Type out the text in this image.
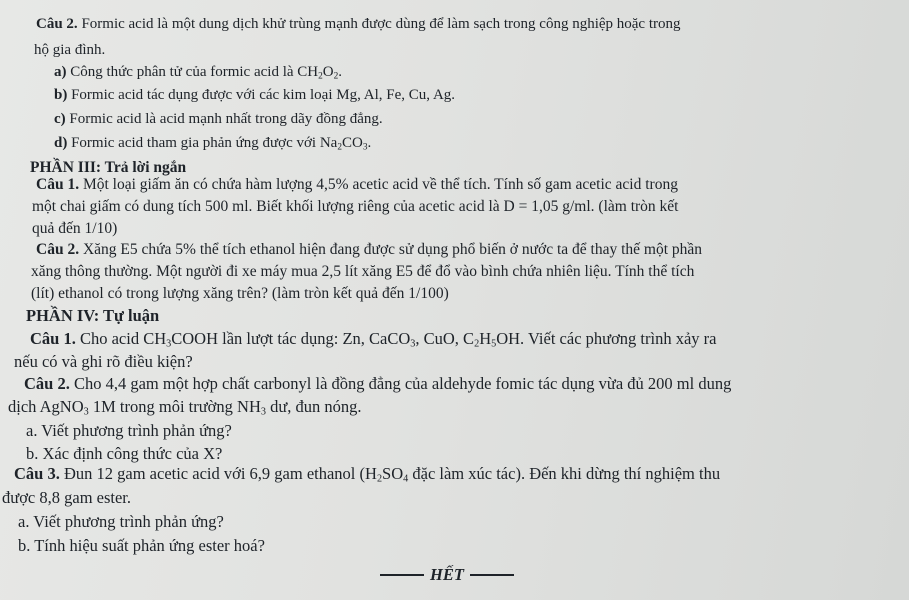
Câu 2. Formic acid là một dung dịch khử trùng mạnh được dùng để làm sạch trong công nghiệp hoặc trong
hộ gia đình.
a) Công thức phân tử của formic acid là $CH_2O_2$.
b) Formic acid tác dụng được với các kim loại Mg, Al, Fe, Cu, Ag.
c) Formic acid là acid mạnh nhất trong dãy đồng đẳng.
d) Formic acid tham gia phản ứng được với $Na_2CO_3$.
PHẦN III: Trả lời ngắn
Câu 1. Một loại giấm ăn có chứa hàm lượng 4,5% acetic acid về thể tích. Tính số gam acetic acid trong
một chai giấm có dung tích 500 ml. Biết khối lượng riêng của acetic acid là D = 1,05 g/ml. (làm tròn kết
quả đến 1/10)
Câu 2. Xăng E5 chứa 5% thể tích ethanol hiện đang được sử dụng phổ biến ở nước ta để thay thế một phần
xăng thông thường. Một người đi xe máy mua 2,5 lít xăng E5 để đổ vào bình chứa nhiên liệu. Tính thể tích
(lít) ethanol có trong lượng xăng trên? (làm tròn kết quả đến 1/100)
PHẦN IV: Tự luận
Câu 1. Cho acid $CH_3COOH$ lần lượt tác dụng: Zn, CaCO$_3$, CuO, $C_2H_5OH$. Viết các phương trình xảy ra
nếu có và ghi rõ điều kiện?
Câu 2. Cho 4,4 gam một hợp chất carbonyl là đồng đẳng của aldehyde fomic tác dụng vừa đủ 200 ml dung
dịch AgNO$_3$ 1M trong môi trường $NH_3$ dư, đun nóng.
a. Viết phương trình phản ứng?
b. Xác định công thức của X?
Câu 3. Đun 12 gam acetic acid với 6,9 gam ethanol ($H_2SO_4$ đặc làm xúc tác). Đến khi dừng thí nghiệm thu
được 8,8 gam ester.
a. Viết phương trình phản ứng?
b. Tính hiệu suất phản ứng ester hoá?
HẾT
